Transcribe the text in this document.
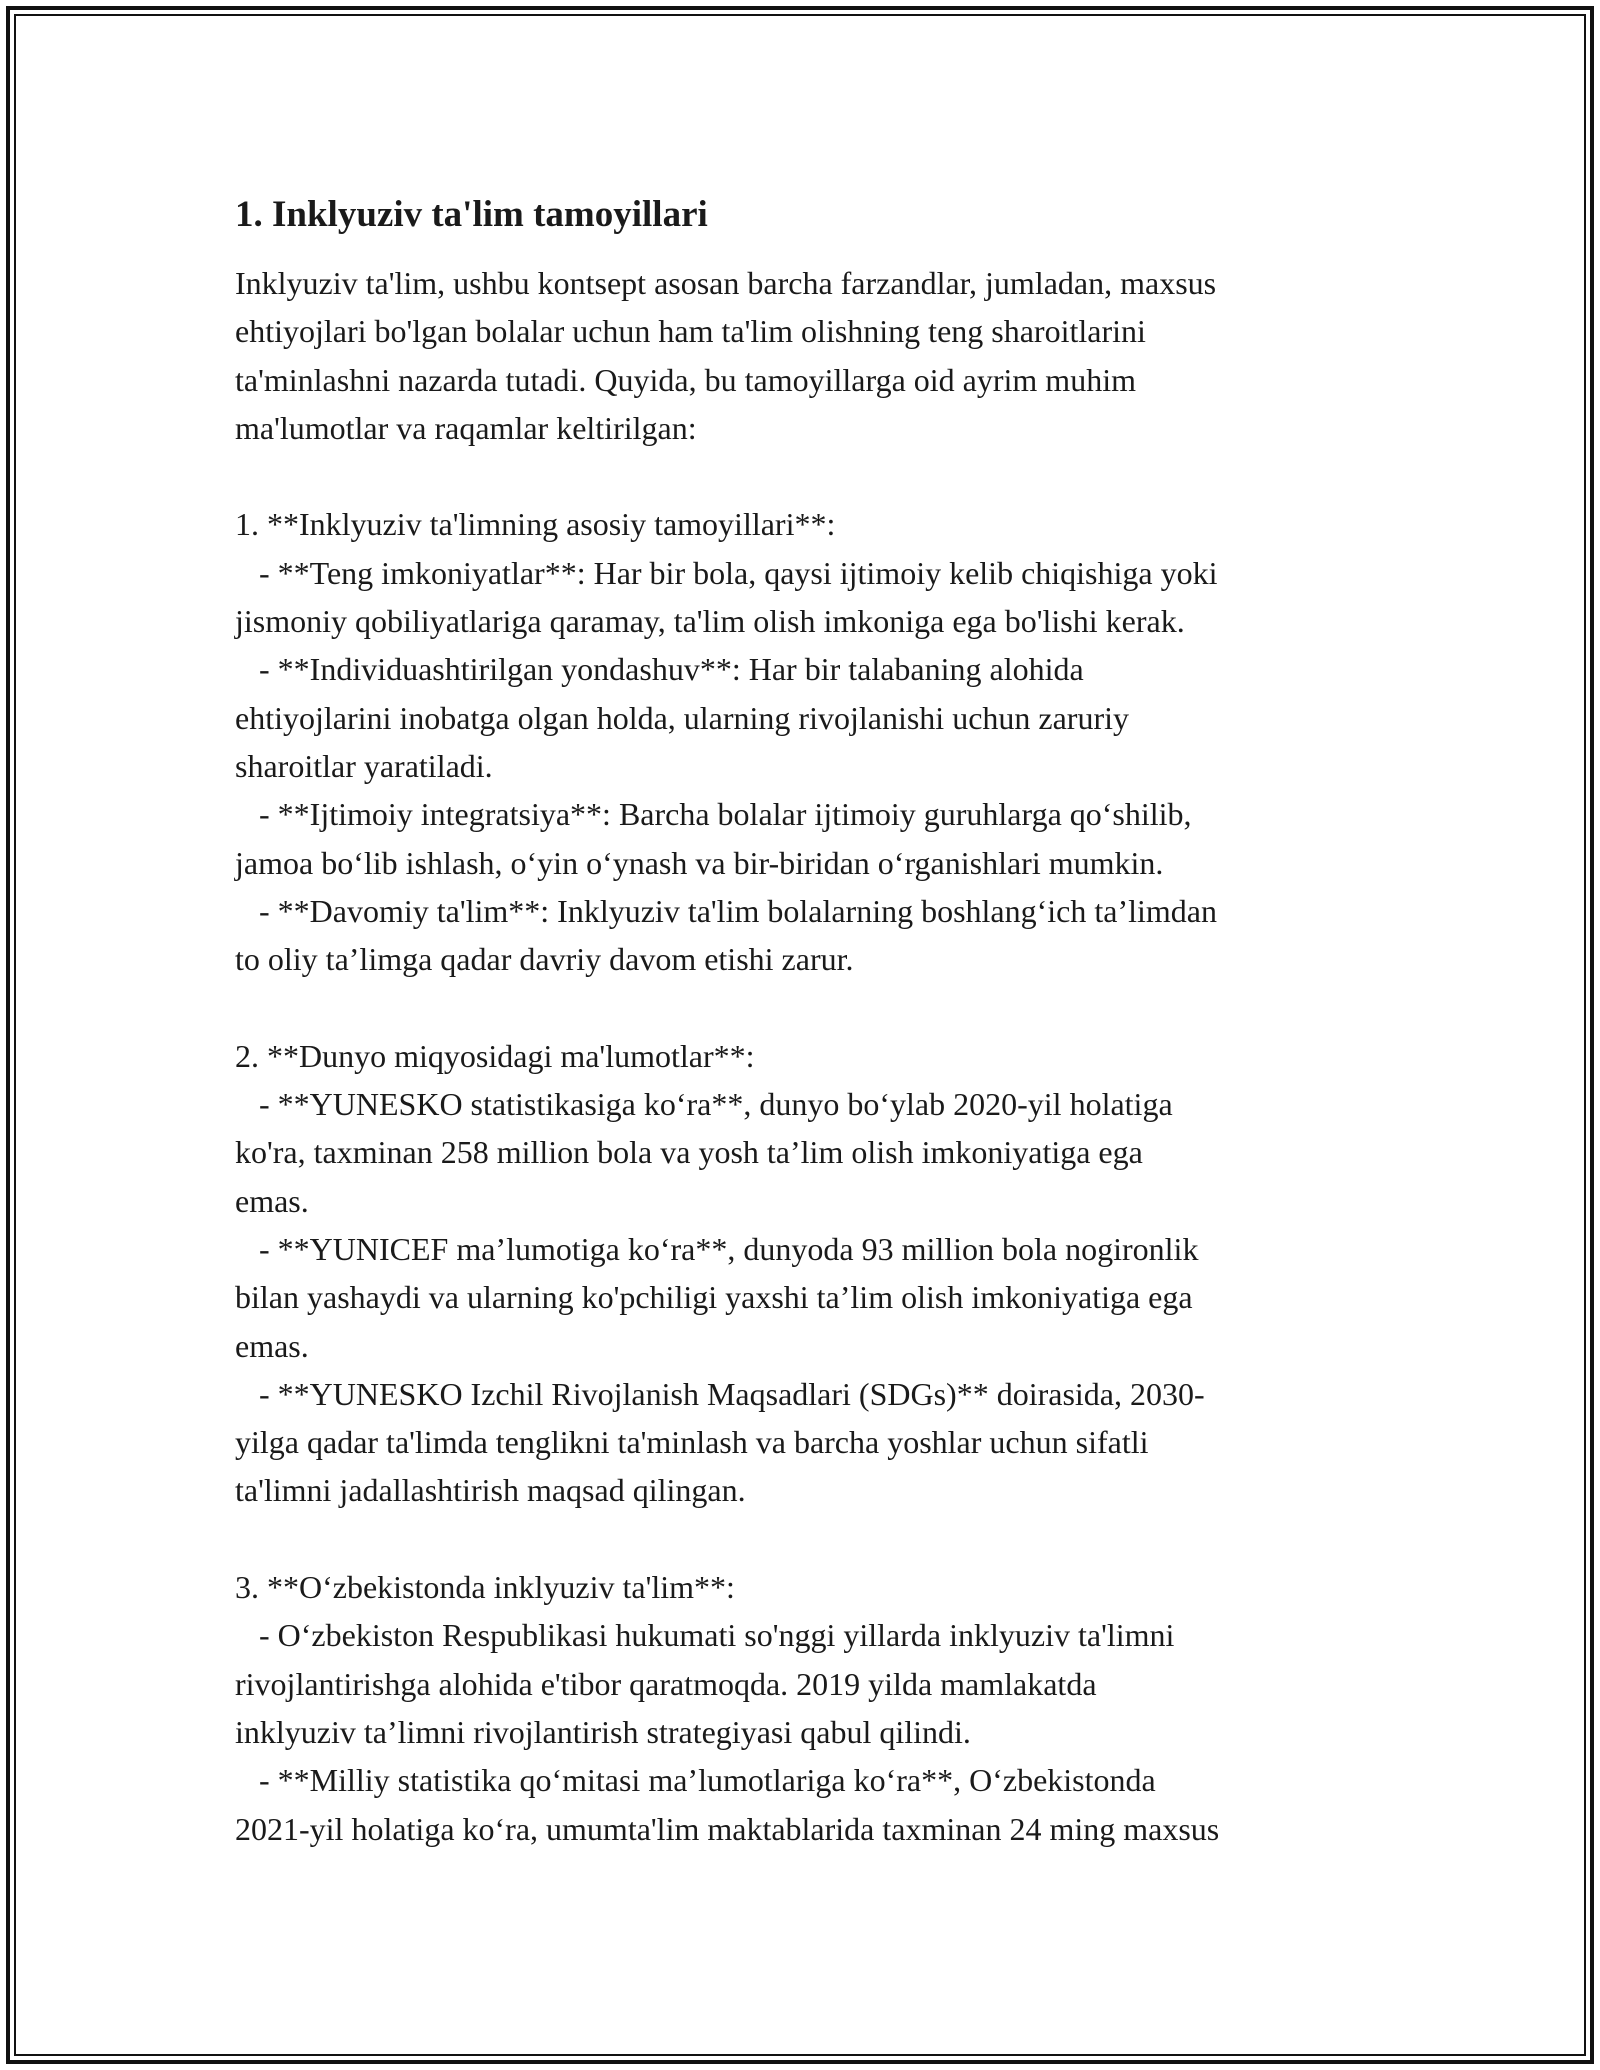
1. Inklyuziv ta'lim tamoyillari
Inklyuziv ta'lim, ushbu kontsept asosan barcha farzandlar, jumladan, maxsus
ehtiyojlari bo'lgan bolalar uchun ham ta'lim olishning teng sharoitlarini
ta'minlashni nazarda tutadi. Quyida, bu tamoyillarga oid ayrim muhim
ma'lumotlar va raqamlar keltirilgan:
1. **Inklyuziv ta'limning asosiy tamoyillari**:
- **Teng imkoniyatlar**: Har bir bola, qaysi ijtimoiy kelib chiqishiga yoki
jismoniy qobiliyatlariga qaramay, ta'lim olish imkoniga ega bo'lishi kerak.
- **Individuashtirilgan yondashuv**: Har bir talabaning alohida
ehtiyojlarini inobatga olgan holda, ularning rivojlanishi uchun zaruriy
sharoitlar yaratiladi.
- **Ijtimoiy integratsiya**: Barcha bolalar ijtimoiy guruhlarga qo‘shilib,
jamoa bo‘lib ishlash, o‘yin o‘ynash va bir-biridan o‘rganishlari mumkin.
- **Davomiy ta'lim**: Inklyuziv ta'lim bolalarning boshlang‘ich ta’limdan
to oliy ta’limga qadar davriy davom etishi zarur.
2. **Dunyo miqyosidagi ma'lumotlar**:
- **YUNESKO statistikasiga ko‘ra**, dunyo bo‘ylab 2020-yil holatiga
ko'ra, taxminan 258 million bola va yosh ta’lim olish imkoniyatiga ega
emas.
- **YUNICEF ma’lumotiga ko‘ra**, dunyoda 93 million bola nogironlik
bilan yashaydi va ularning ko'pchiligi yaxshi ta’lim olish imkoniyatiga ega
emas.
- **YUNESKO Izchil Rivojlanish Maqsadlari (SDGs)** doirasida, 2030-
yilga qadar ta'limda tenglikni ta'minlash va barcha yoshlar uchun sifatli
ta'limni jadallashtirish maqsad qilingan.
3. **O‘zbekistonda inklyuziv ta'lim**:
- O‘zbekiston Respublikasi hukumati so'nggi yillarda inklyuziv ta'limni
rivojlantirishga alohida e'tibor qaratmoqda. 2019 yilda mamlakatda
inklyuziv ta’limni rivojlantirish strategiyasi qabul qilindi.
- **Milliy statistika qo‘mitasi ma’lumotlariga ko‘ra**, O‘zbekistonda
2021-yil holatiga ko‘ra, umumta'lim maktablarida taxminan 24 ming maxsus
